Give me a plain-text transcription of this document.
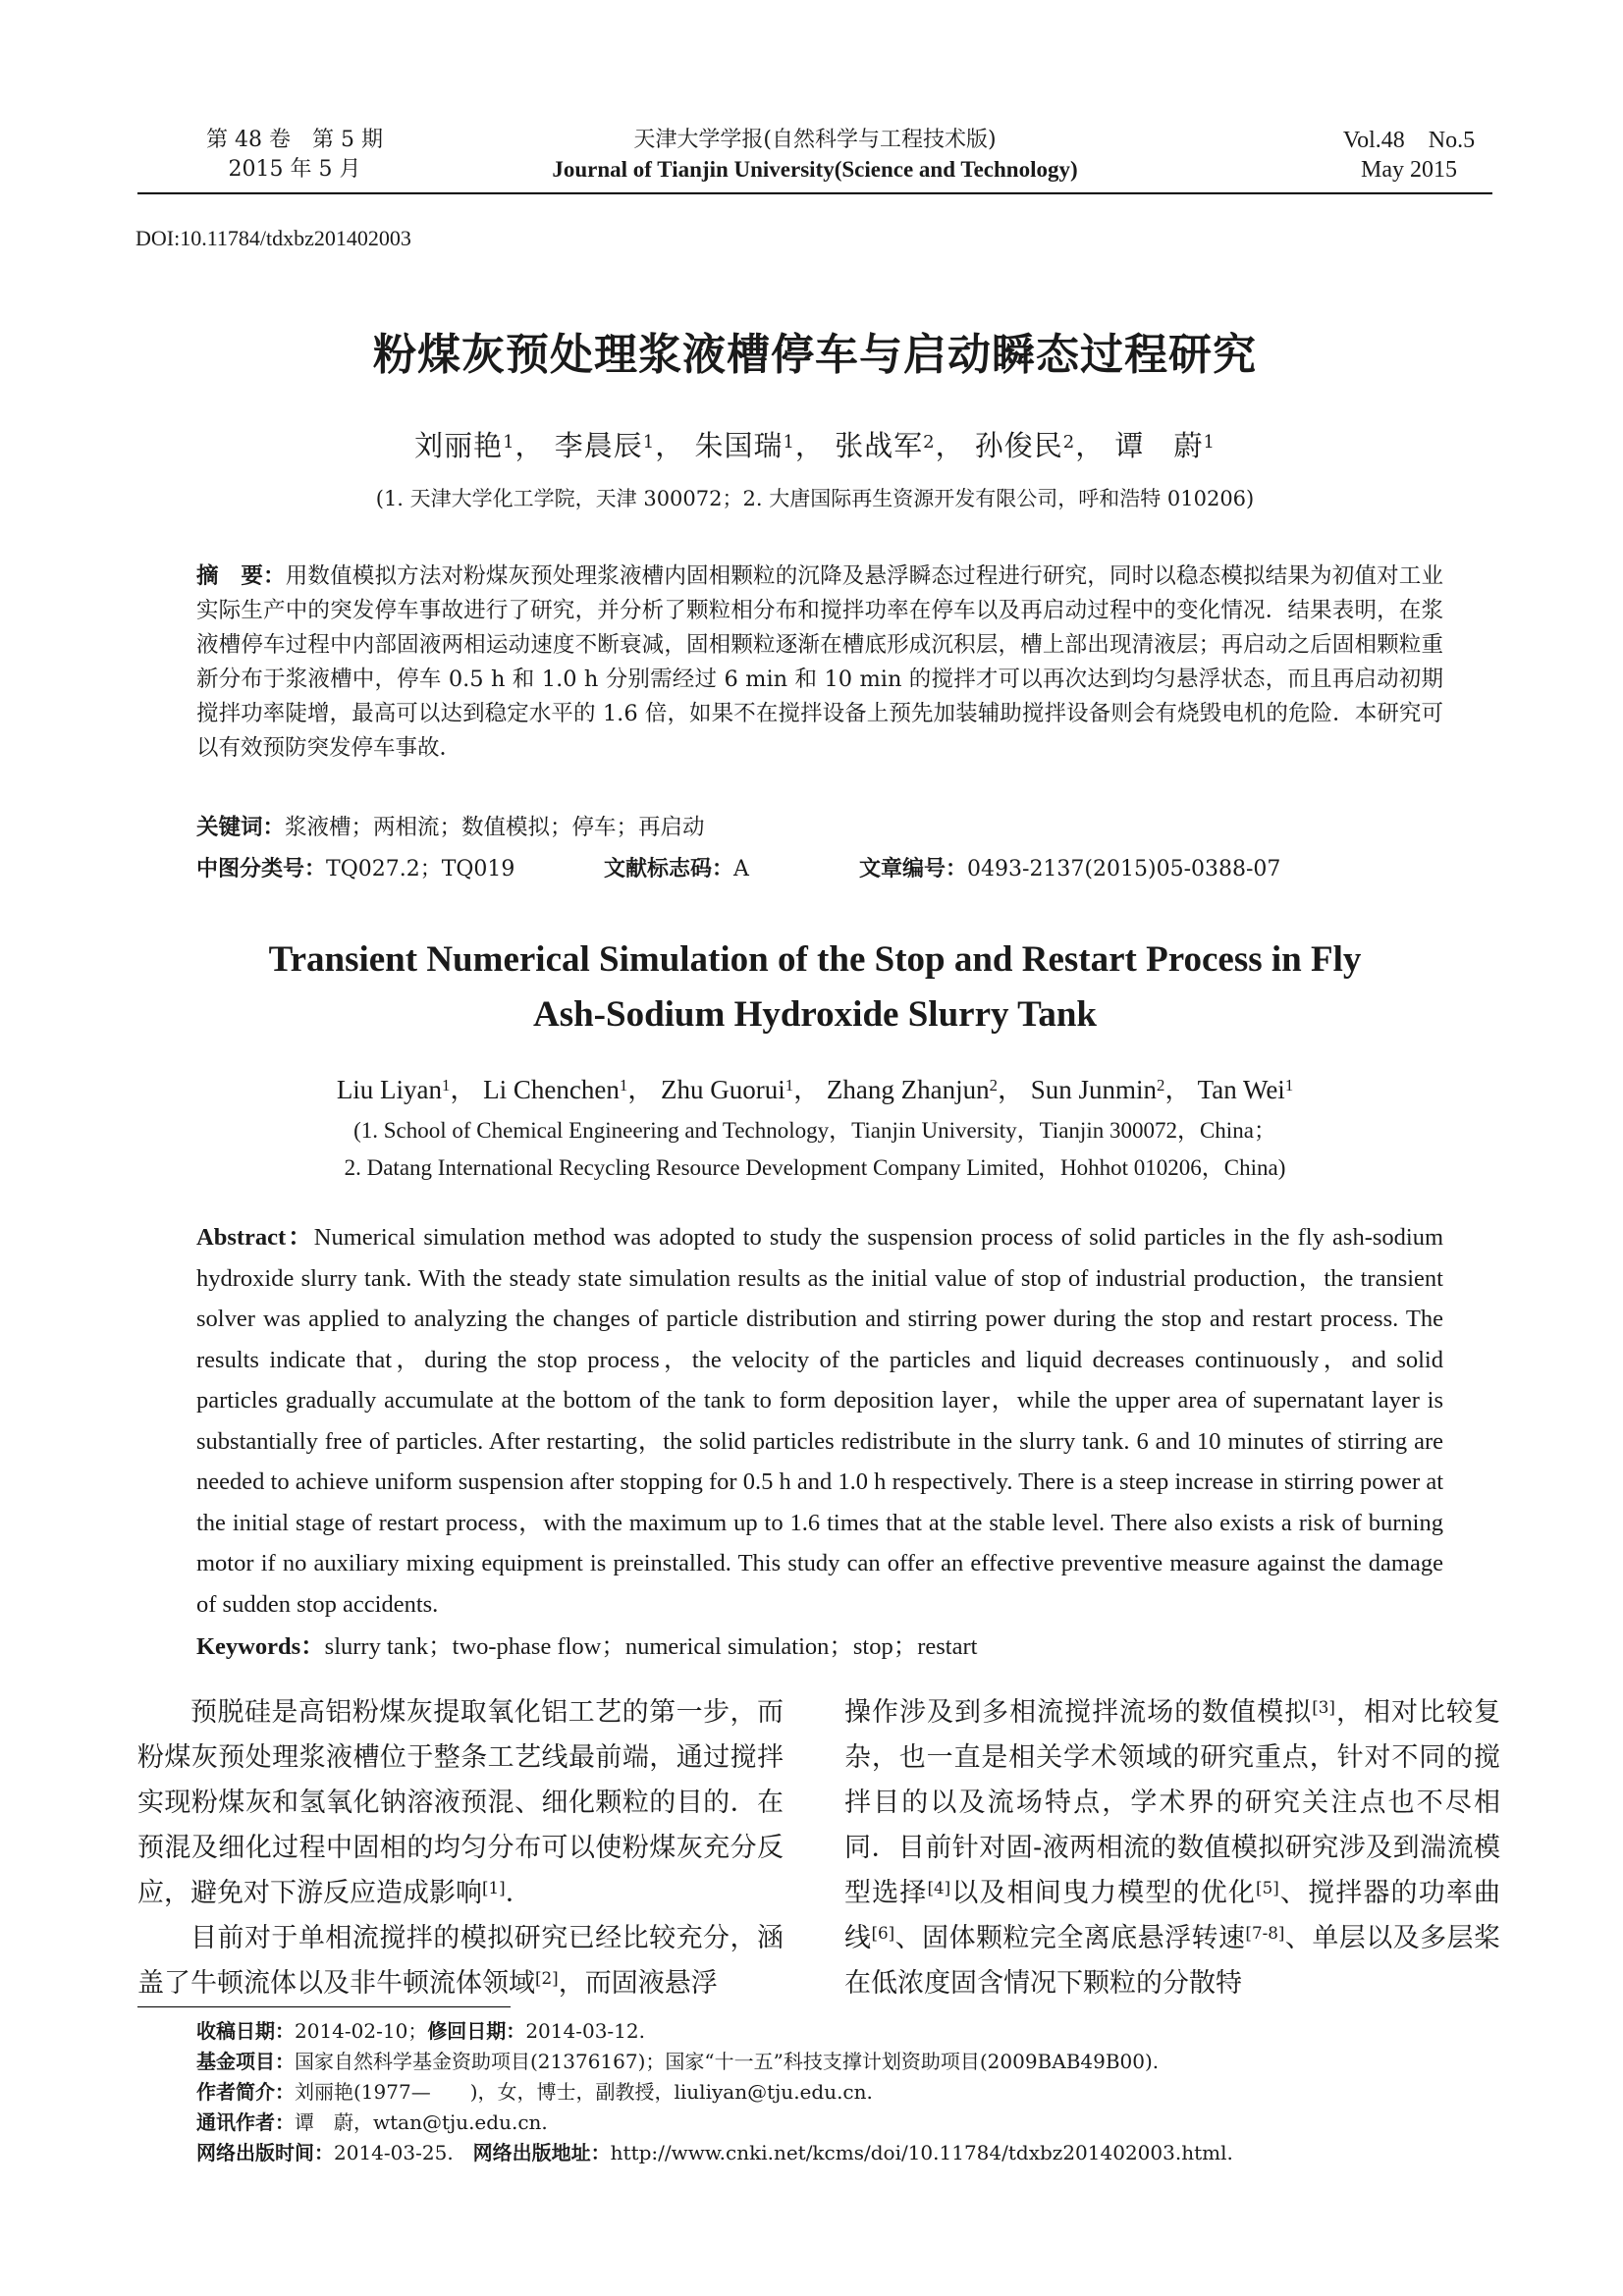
第 48 卷　第 5 期
2015 年 5 月
天津大学学报(自然科学与工程技术版)
Journal of Tianjin University(Science and Technology)
Vol.48　No.5
May 2015
DOI:10.11784/tdxbz201402003
粉煤灰预处理浆液槽停车与启动瞬态过程研究
刘丽艳$^1$， 李晨辰$^1$， 朱国瑞$^1$， 张战军$^2$， 孙俊民$^2$， 谭　蔚$^1$
(1. 天津大学化工学院，天津 300072；2. 大唐国际再生资源开发有限公司，呼和浩特 010206)
摘　要：用数值模拟方法对粉煤灰预处理浆液槽内固相颗粒的沉降及悬浮瞬态过程进行研究，同时以稳态模拟结果为初值对工业实际生产中的突发停车事故进行了研究，并分析了颗粒相分布和搅拌功率在停车以及再启动过程中的变化情况．结果表明，在浆液槽停车过程中内部固液两相运动速度不断衰减，固相颗粒逐渐在槽底形成沉积层，槽上部出现清液层；再启动之后固相颗粒重新分布于浆液槽中，停车 0.5 h 和 1.0 h 分别需经过 6 min 和 10 min 的搅拌才可以再次达到均匀悬浮状态，而且再启动初期搅拌功率陡增，最高可以达到稳定水平的 1.6 倍，如果不在搅拌设备上预先加装辅助搅拌设备则会有烧毁电机的危险．本研究可以有效预防突发停车事故．
关键词：浆液槽；两相流；数值模拟；停车；再启动
中图分类号：TQ027.2；TQ019	文献标志码：A	文章编号：0493-2137(2015)05-0388-07
Transient Numerical Simulation of the Stop and Restart Process in Fly
Ash-Sodium Hydroxide Slurry Tank
Liu Liyan$^1$， Li Chenchen$^1$， Zhu Guorui$^1$， Zhang Zhanjun$^2$， Sun Junmin$^2$， Tan Wei$^1$
(1. School of Chemical Engineering and Technology，Tianjin University，Tianjin 300072，China；
2. Datang International Recycling Resource Development Company Limited，Hohhot 010206，China)
Abstract：Numerical simulation method was adopted to study the suspension process of solid particles in the fly ash-sodium hydroxide slurry tank. With the steady state simulation results as the initial value of stop of industrial production，the transient solver was applied to analyzing the changes of particle distribution and stirring power during the stop and restart process. The results indicate that，during the stop process，the velocity of the particles and liquid decreases continuously，and solid particles gradually accumulate at the bottom of the tank to form deposition layer，while the upper area of supernatant layer is substantially free of particles. After restarting，the solid particles redistribute in the slurry tank. 6 and 10 minutes of stirring are needed to achieve uniform suspension after stopping for 0.5 h and 1.0 h respectively. There is a steep increase in stirring power at the initial stage of restart process，with the maximum up to 1.6 times that at the stable level. There also exists a risk of burning motor if no auxiliary mixing equipment is preinstalled. This study can offer an effective preventive measure against the damage of sudden stop accidents.
Keywords：slurry tank；two-phase flow；numerical simulation；stop；restart

预脱硅是高铝粉煤灰提取氧化铝工艺的第一步，而粉煤灰预处理浆液槽位于整条工艺线最前端，通过搅拌实现粉煤灰和氢氧化钠溶液预混、细化颗粒的目的．在预混及细化过程中固相的均匀分布可以使粉煤灰充分反应，避免对下游反应造成影响[1]．

目前对于单相流搅拌的模拟研究已经比较充分，涵盖了牛顿流体以及非牛顿流体领域[2]，而固液悬浮

操作涉及到多相流搅拌流场的数值模拟[3]，相对比较复杂，也一直是相关学术领域的研究重点，针对不同的搅拌目的以及流场特点，学术界的研究关注点也不尽相同．目前针对固-液两相流的数值模拟研究涉及到湍流模型选择[4]以及相间曳力模型的优化[5]、搅拌器的功率曲线[6]、固体颗粒完全离底悬浮转速[7-8]、单层以及多层桨在低浓度固含情况下颗粒的分散特

收稿日期：2014-02-10；修回日期：2014-03-12.
基金项目：国家自然科学基金资助项目(21376167)；国家“十一五”科技支撑计划资助项目(2009BAB49B00).
作者简介：刘丽艳(1977—　　)，女，博士，副教授，liuliyan@tju.edu.cn.
通讯作者：谭　蔚，wtan@tju.edu.cn.
网络出版时间：2014-03-25.　 网络出版地址：http://www.cnki.net/kcms/doi/10.11784/tdxbz201402003.html.
